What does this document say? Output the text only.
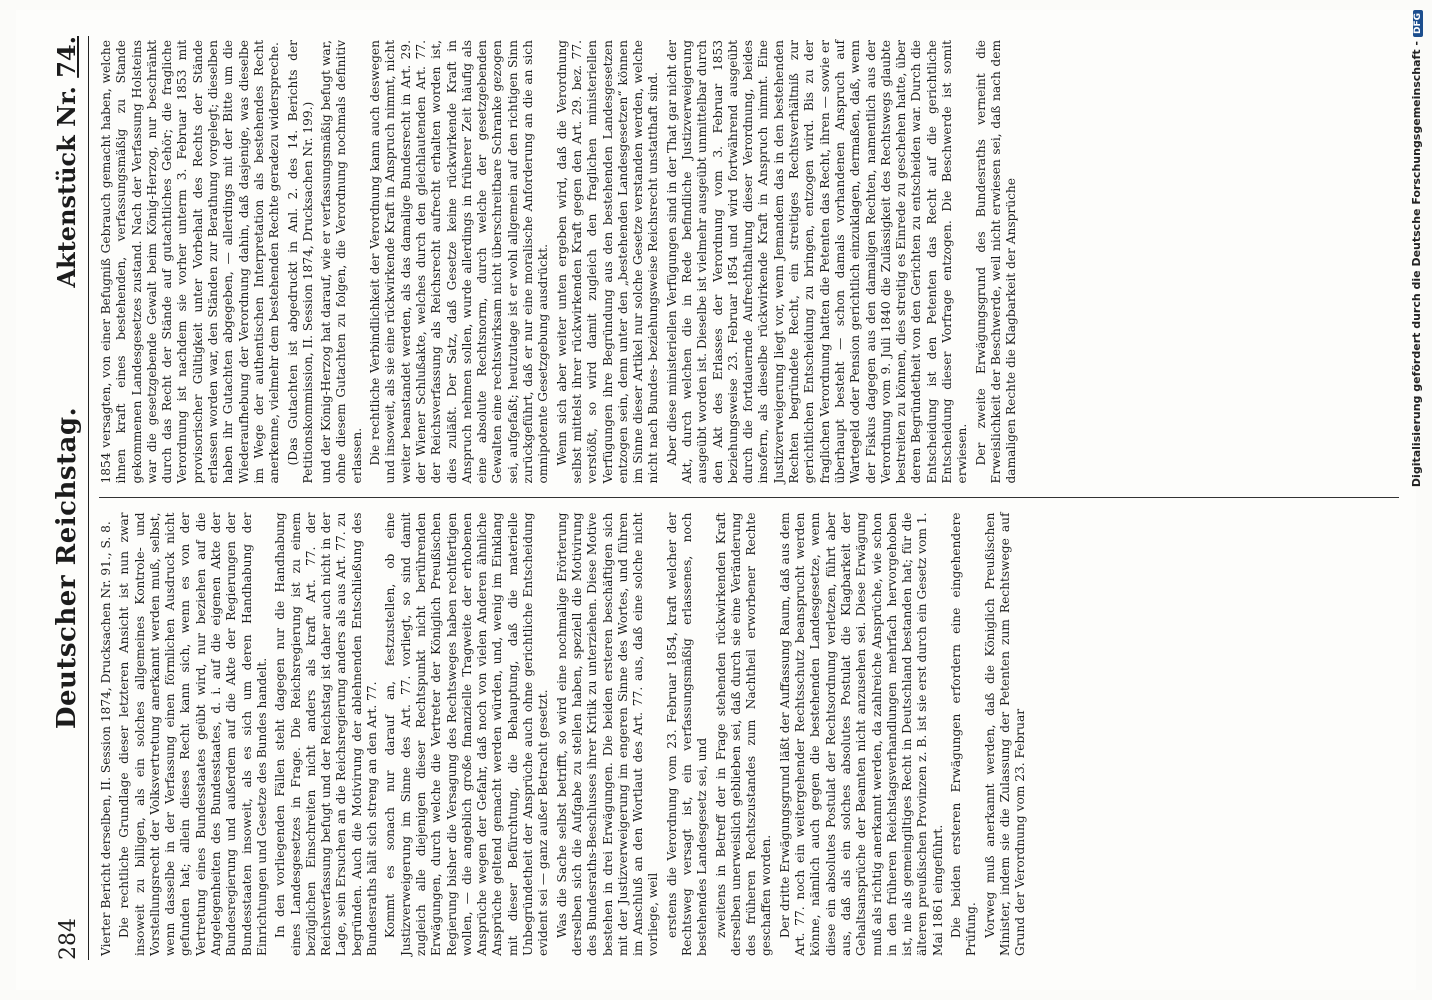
284
Deutscher Reichstag.
Aktenstück Nr. 74.

Vierter Bericht derselben, II. Session 1874, Drucksachen Nr. 91., S. 8. Die rechtliche Grundlage dieser letzteren Ansicht ist nun zwar insoweit zu billigen, als ein solches allgemeines Kontrole- und Vorstellungsrecht der Volksvertretung anerkannt werden muß, selbst, wenn dasselbe in der Verfassung einen förmlichen Ausdruck nicht gefunden hat; allein dieses Recht kann sich, wenn es von der Vertretung eines Bundesstaates geübt wird, nur beziehen auf die Angelegenheiten des Bundesstaates, d. i. auf die eigenen Akte der Bundesregierung und außerdem auf die Akte der Regierungen der Bundesstaaten insoweit, als es sich um deren Handhabung der Einrichtungen und Gesetze des Bundes handelt. In den vorliegenden Fällen steht dagegen nur die Handhabung eines Landesgesetzes in Frage. Die Reichsregierung ist zu einem bezüglichen Einschreiten nicht anders als kraft Art. 77. der Reichsverfassung befugt und der Reichstag ist daher auch nicht in der Lage, sein Ersuchen an die Reichsregierung anders als aus Art. 77. zu begründen. Auch die Motivirung der ablehnenden Entschließung des Bundesraths hält sich streng an den Art. 77. Kommt es sonach nur darauf an, festzustellen, ob eine Justizverweigerung im Sinne des Art. 77. vorliegt, so sind damit zugleich alle diejenigen dieser Rechtspunkt nicht berührenden Erwägungen, durch welche die Vertreter der Königlich Preußischen Regierung bisher die Versagung des Rechtsweges haben rechtfertigen wollen, — die angeblich große finanzielle Tragweite der erhobenen Ansprüche wegen der Gefahr, daß noch von vielen Anderen ähnliche Ansprüche geltend gemacht werden würden, und, wenig im Einklang mit dieser Befürchtung, die Behauptung, daß die materielle Unbegründetheit der Ansprüche auch ohne gerichtliche Entscheidung evident sei — ganz außer Betracht gesetzt. Was die Sache selbst betrifft, so wird eine nochmalige Erörterung derselben sich die Aufgabe zu stellen haben, speziell die Motivirung des Bundesraths-Beschlusses ihrer Kritik zu unterziehen. Diese Motive bestehen in drei Erwägungen. Die beiden ersteren beschäftigen sich mit der Justizverweigerung im engeren Sinne des Wortes, und führen im Anschluß an den Wortlaut des Art. 77. aus, daß eine solche nicht vorliege, weil erstens die Verordnung vom 23. Februar 1854, kraft welcher der Rechtsweg versagt ist, ein verfassungsmäßig erlassenes, noch bestehendes Landesgesetz sei, und zweitens in Betreff der in Frage stehenden rückwirkenden Kraft derselben unerweislich geblieben sei, daß durch sie eine Veränderung des früheren Rechtszustandes zum Nachtheil erworbener Rechte geschaffen worden. Der dritte Erwägungsgrund läßt der Auffassung Raum, daß aus dem Art. 77. noch ein weitergehender Rechtsschutz beansprucht werden könne, nämlich auch gegen die bestehenden Landesgesetze, wenn diese ein absolutes Postulat der Rechtsordnung verletzen, führt aber aus, daß als ein solches absolutes Postulat die Klagbarkeit der Gehaltsansprüche der Beamten nicht anzusehen sei. Diese Erwägung muß als richtig anerkannt werden, da zahlreiche Ansprüche, wie schon in den früheren Reichstagsverhandlungen mehrfach hervorgehoben ist, nie als gemeingiltiges Recht in Deutschland bestanden hat; für die älteren preußischen Provinzen z. B. ist sie erst durch ein Gesetz vom 1. Mai 1861 eingeführt. Die beiden ersteren Erwägungen erfordern eine eingehendere Prüfung. Vorweg muß anerkannt werden, daß die Königlich Preußischen Minister, indem sie die Zulassung der Petenten zum Rechtswege auf Grund der Verordnung vom 23. Februar

1854 versagten, von einer Befugniß Gebrauch gemacht haben, welche ihnen kraft eines bestehenden, verfassungsmäßig zu Stande gekommenen Landesgesetzes zustand. Nach der Verfassung Holsteins war die gesetzgebende Gewalt beim König-Herzog, nur beschränkt durch das Recht der Stände auf gutachtliches Gehör; die fragliche Verordnung ist nachdem sie vorher unterm 3. Februar 1853 mit provisorischer Gültigkeit unter Vorbehalt des Rechts der Stände erlassen worden war, den Ständen zur Berathung vorgelegt; dieselben haben ihr Gutachten abgegeben, — allerdings mit der Bitte um die Wiederaufhebung der Verordnung dahin, daß dasjenige, was dieselbe im Wege der authentischen Interpretation als bestehendes Recht anerkenne, vielmehr dem bestehenden Rechte geradezu widerspreche. (Das Gutachten ist abgedruckt in Anl. 2. des 14. Berichts der Petitionskommission, II. Session 1874, Drucksachen Nr. 199.) und der König-Herzog hat darauf, wie er verfassungsmäßig befugt war, ohne diesem Gutachten zu folgen, die Verordnung nochmals definitiv erlassen. Die rechtliche Verbindlichkeit der Verordnung kann auch deswegen und insoweit, als sie eine rückwirkende Kraft in Anspruch nimmt, nicht weiter beanstandet werden, als das damalige Bundesrecht in Art. 29. der Wiener Schlußakte, welches durch den gleichlautenden Art. 77. der Reichsverfassung als Reichsrecht aufrecht erhalten worden ist, dies zuläßt. Der Satz, daß Gesetze keine rückwirkende Kraft in Anspruch nehmen sollen, wurde allerdings in früherer Zeit häufig als eine absolute Rechtsnorm, durch welche der gesetzgebenden Gewalten eine rechtswirksam nicht überschreitbare Schranke gezogen sei, aufgefaßt; heutzutage ist er wohl allgemein auf den richtigen Sinn zurückgeführt, daß er nur eine moralische Anforderung an die an sich omnipotente Gesetzgebung ausdrückt. Wenn sich aber weiter unten ergeben wird, daß die Verordnung selbst mittelst ihrer rückwirkenden Kraft gegen den Art. 29. bez. 77. verstößt, so wird damit zugleich den fraglichen ministeriellen Verfügungen ihre Begründung aus den bestehenden Landesgesetzen entzogen sein, denn unter den „bestehenden Landesgesetzen“ können im Sinne dieser Artikel nur solche Gesetze verstanden werden, welche nicht nach Bundes- beziehungsweise Reichsrecht unstatthaft sind. Aber diese ministeriellen Verfügungen sind in der That gar nicht der Akt, durch welchen die in Rede befindliche Justizverweigerung ausgeübt worden ist. Dieselbe ist vielmehr ausgeübt unmittelbar durch den Akt des Erlasses der Verordnung vom 3. Februar 1853 beziehungsweise 23. Februar 1854 und wird fortwährend ausgeübt durch die fortdauernde Aufrechthaltung dieser Verordnung, beides insofern, als dieselbe rückwirkende Kraft in Anspruch nimmt. Eine Justizverweigerung liegt vor, wenn Jemandem das in den bestehenden Rechten begründete Recht, ein streitiges Rechtsverhältniß zur gerichtlichen Entscheidung zu bringen, entzogen wird. Bis zu der fraglichen Verordnung hatten die Petenten das Recht, ihren — sowie er überhaupt besteht — schon damals vorhandenen Anspruch auf Wartegeld oder Pension gerichtlich einzuklagen, dermaßen, daß, wenn der Fiskus dagegen aus den damaligen Rechten, namentlich aus der Verordnung vom 9. Juli 1840 die Zulässigkeit des Rechtswegs glaubte bestreiten zu können, dies streitig es Einrede zu geschehen hatte, über deren Begründetheit von den Gerichten zu entscheiden war. Durch die Entscheidung ist den Petenten das Recht auf die gerichtliche Entscheidung dieser Vorfrage entzogen. Die Beschwerde ist somit erwiesen. Der zweite Erwägungsgrund des Bundesraths verneint die Erweislichkeit der Beschwerde, weil nicht erwiesen sei, daß nach dem damaligen Rechte die Klagbarkeit der Ansprüche	Digitalisierung gefördert durch die Deutsche Forschungsgemeinschaft -DFG
